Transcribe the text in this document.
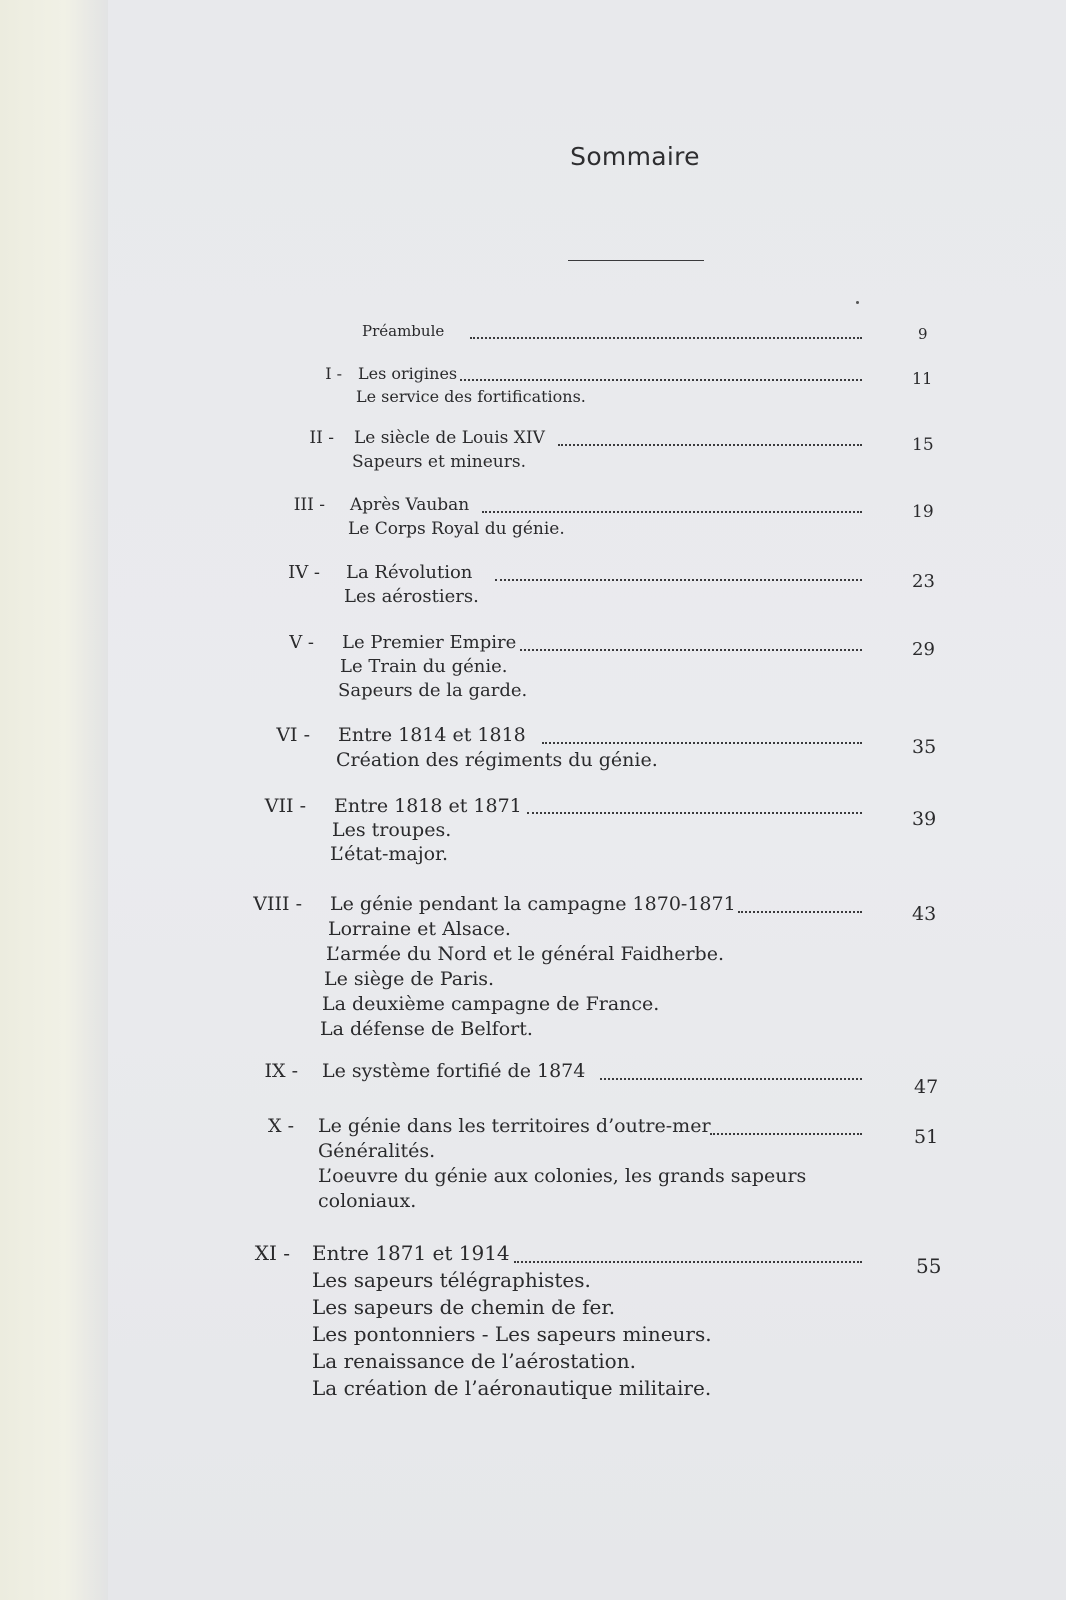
Sommaire
Préambule	9
I - Les origines
Le service des fortifications.
11
II - Le siècle de Louis XIV
Sapeurs et mineurs.
15
III - Après Vauban
Le Corps Royal du génie.
19
IV - La Révolution
Les aérostiers.
23
V - Le Premier Empire
Le Train du génie.
Sapeurs de la garde.
29
VI - Entre 1814 et 1818
Création des régiments du génie.
35
VII - Entre 1818 et 1871
Les troupes.
L’état-major.
39
VIII - Le génie pendant la campagne 1870-1871
Lorraine et Alsace.
L’armée du Nord et le général Faidherbe.
Le siège de Paris.
La deuxième campagne de France.
La défense de Belfort.
43
IX - Le système fortifié de 1874
47
X - Le génie dans les territoires d’outre-mer
Généralités.
L’oeuvre du génie aux colonies, les grands sapeurs
coloniaux.
51
XI - Entre 1871 et 1914
Les sapeurs télégraphistes.
Les sapeurs de chemin de fer.
Les pontonniers - Les sapeurs mineurs.
La renaissance de l’aérostation.
La création de l’aéronautique militaire.
55
